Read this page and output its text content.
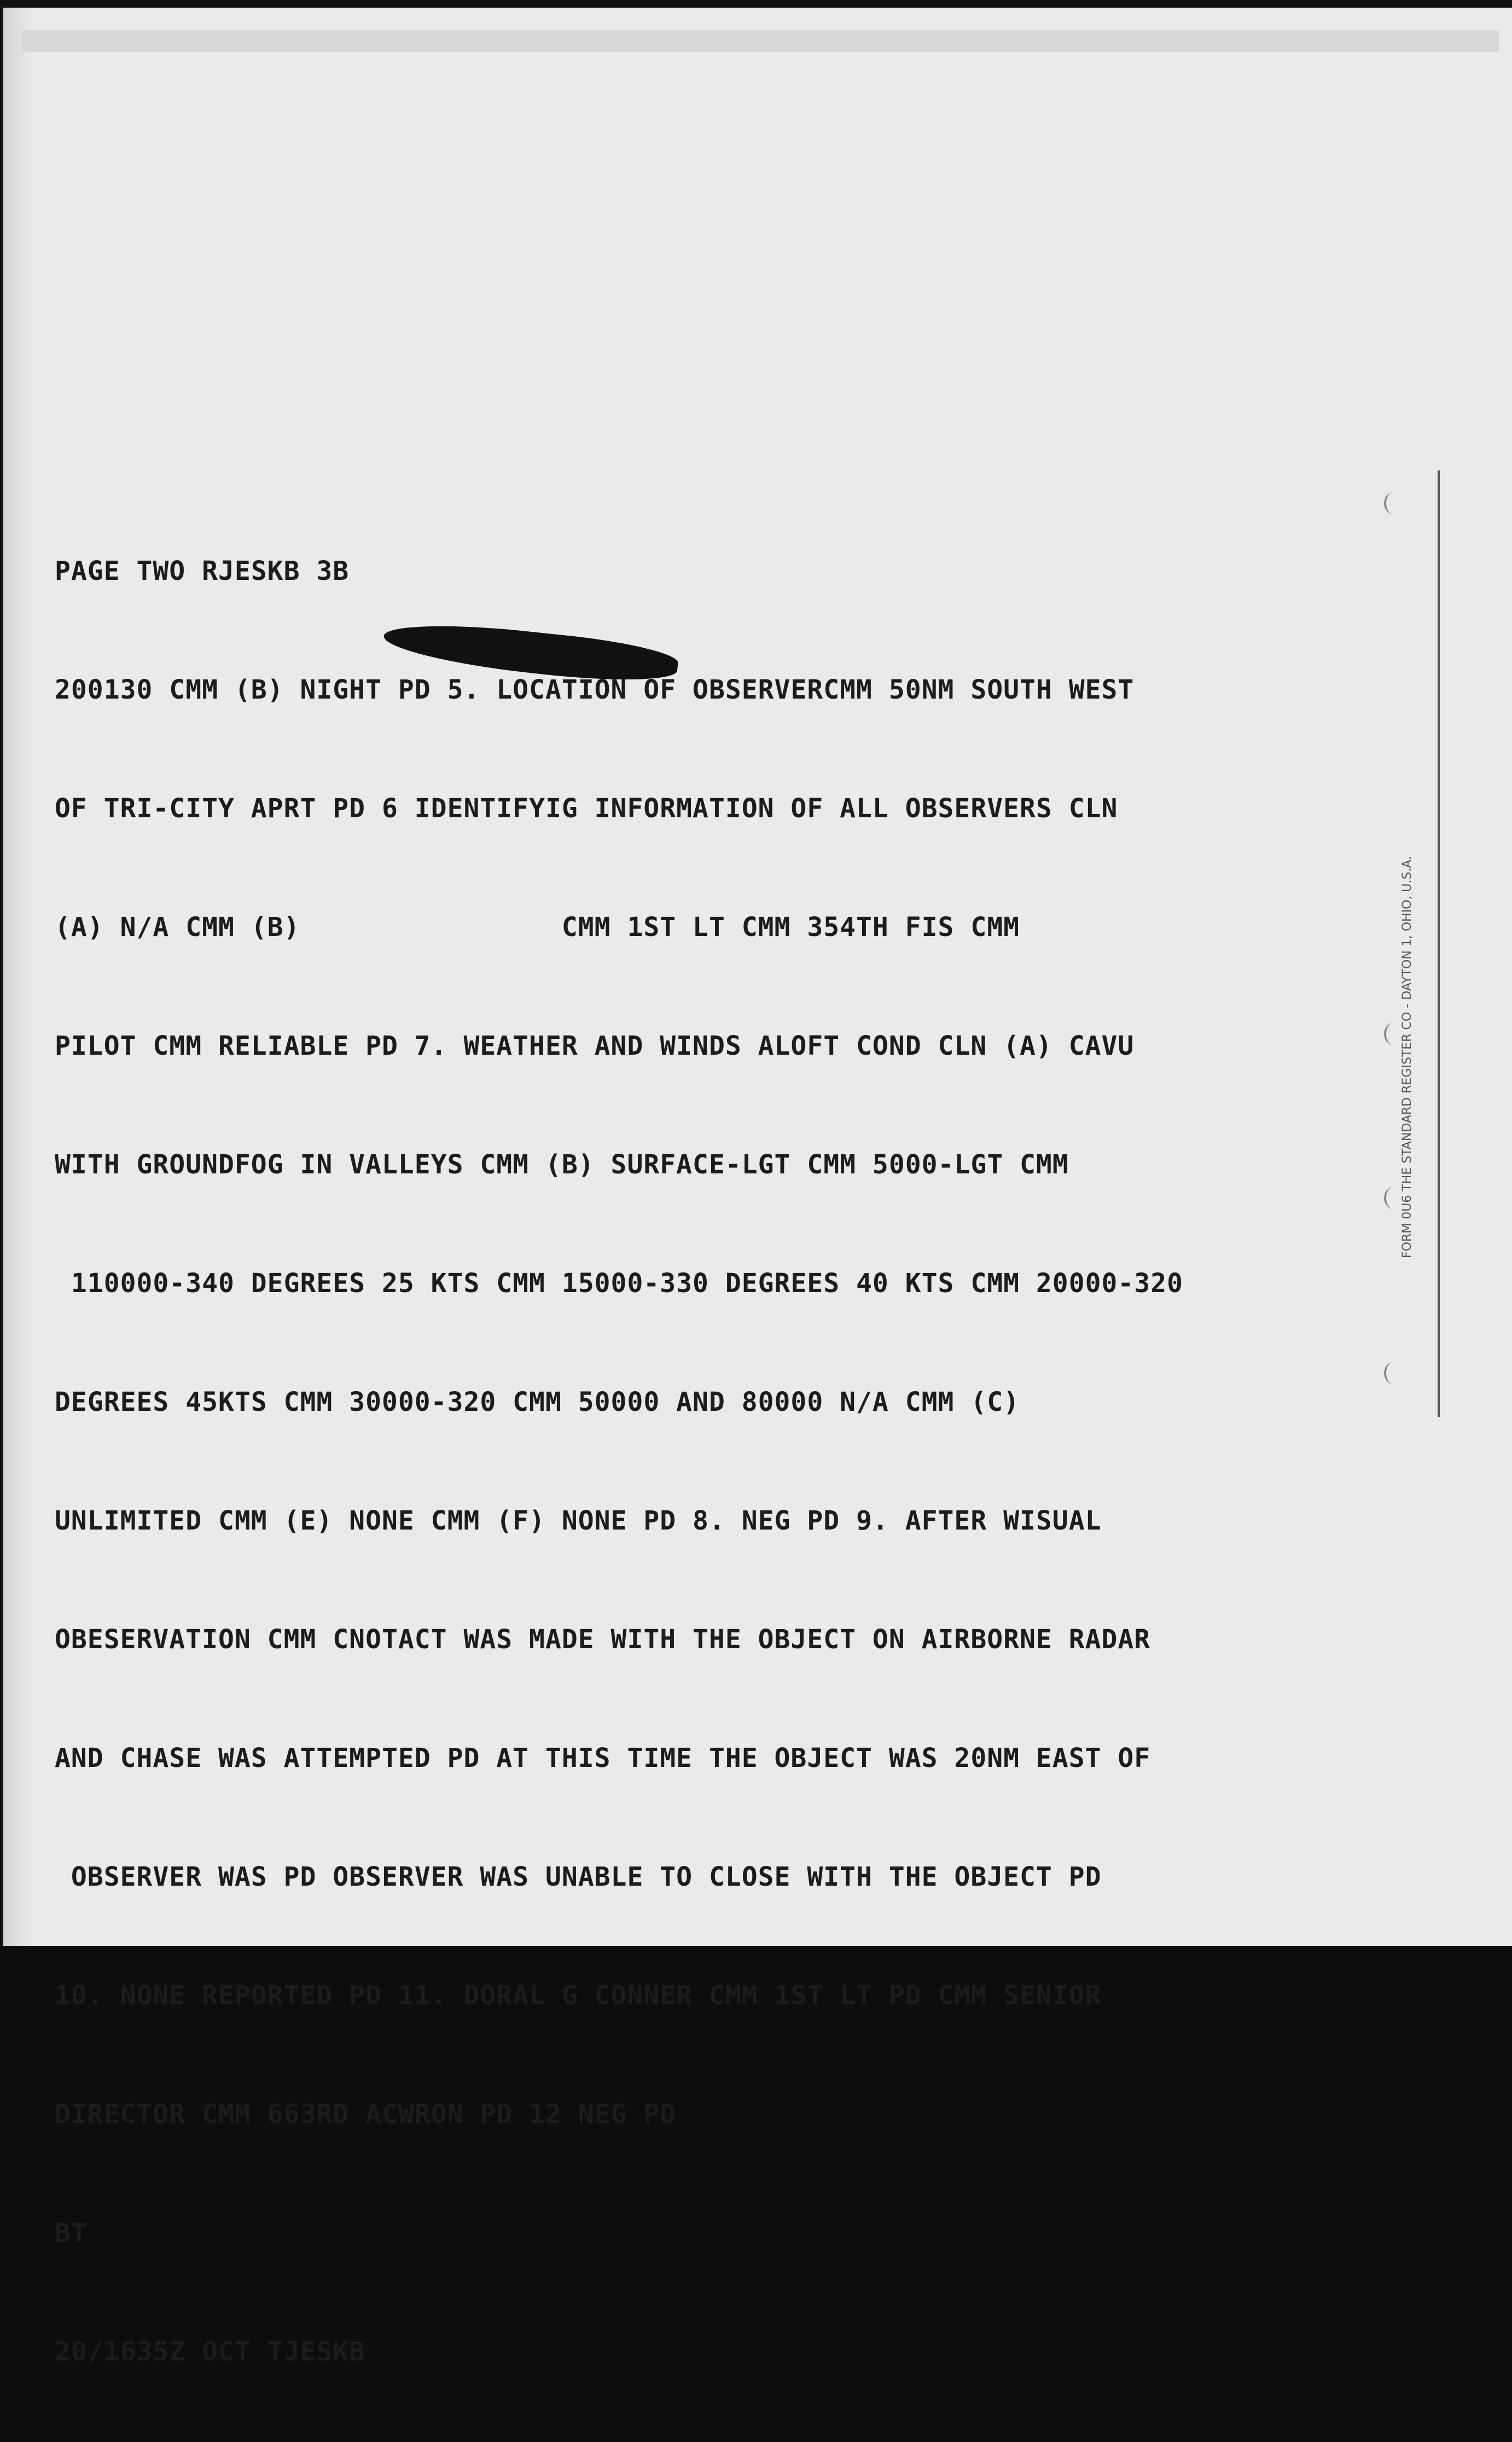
PAGE TWO RJESKB 3B

200130 CMM (B) NIGHT PD 5. LOCATION OF OBSERVERCMM 50NM SOUTH WEST

OF TRI-CITY APRT PD 6 IDENTIFYIG INFORMATION OF ALL OBSERVERS CLN

(A) N/A CMM (B)                CMM 1ST LT CMM 354TH FIS CMM

PILOT CMM RELIABLE PD 7. WEATHER AND WINDS ALOFT COND CLN (A) CAVU

WITH GROUNDFOG IN VALLEYS CMM (B) SURFACE-LGT CMM 5000-LGT CMM

110000-340 DEGREES 25 KTS CMM 15000-330 DEGREES 40 KTS CMM 20000-320

DEGREES 45KTS CMM 30000-320 CMM 50000 AND 80000 N/A CMM (C)

UNLIMITED CMM (E) NONE CMM (F) NONE PD 8. NEG PD 9. AFTER WISUAL

OBESERVATION CMM CNOTACT WAS MADE WITH THE OBJECT ON AIRBORNE RADAR

AND CHASE WAS ATTEMPTED PD AT THIS TIME THE OBJECT WAS 20NM EAST OF

OBSERVER WAS PD OBSERVER WAS UNABLE TO CLOSE WITH THE OBJECT PD

10. NONE REPORTED PD 11. DORAL G CONNER CMM 1ST LT PD CMM SENIOR

DIRECTOR CMM 663RD ACWRON PD 12 NEG PD

BT

20/1635Z OCT TJESKB

FORM 0U6 THE STANDARD REGISTER CO - DAYTON 1, OHIO, U.S.A.
